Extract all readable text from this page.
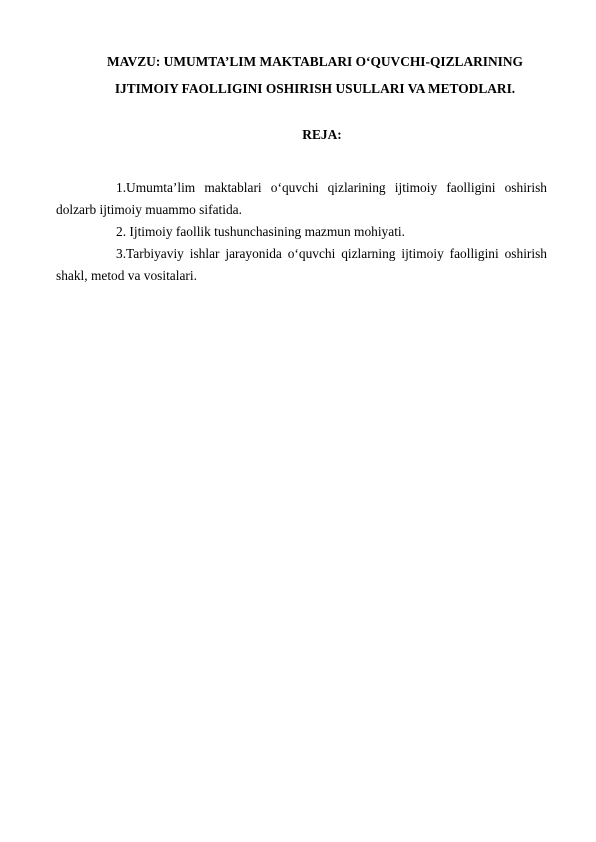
MAVZU: UMUMTA’LIM MAKTABLARI O‘QUVCHI-QIZLARINING
IJTIMOIY FAOLLIGINI OSHIRISH USULLARI VA METODLARI.
REJA:
1.Umumta’lim maktablari o‘quvchi qizlarining ijtimoiy faolligini oshirish
dolzarb ijtimoiy muammo sifatida.
2. Ijtimoiy faollik tushunchasining mazmun mohiyati.
3.Tarbiyaviy ishlar jarayonida o‘quvchi qizlarning ijtimoiy faolligini oshirish
shakl, metod va vositalari.
